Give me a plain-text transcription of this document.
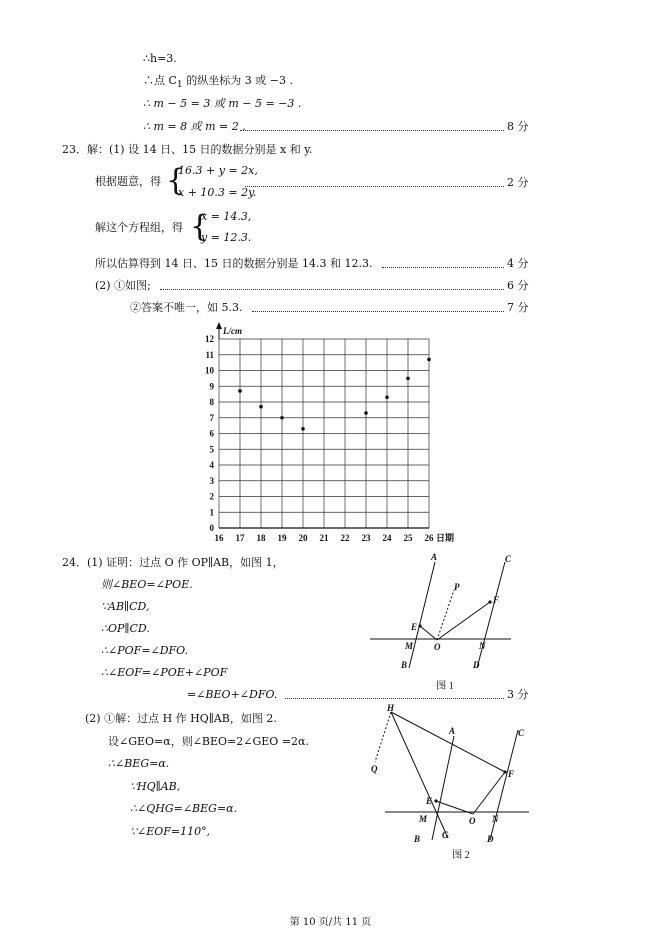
∴h=3.
∴点 $C_1$ 的纵坐标为 3 或 −3 .
∴ m − 5 = 3 或 m − 5 = −3 .
∴ m = 8 或 m = 2 .	8 分
23．解：(1) 设 14 日、15 日的数据分别是 x 和 y.
根据题意，得 {
16.3 + y = 2x,
x + 10.3 = 2y.
2 分
解这个方程组，得 {
x = 14.3,
y = 12.3.
所以估算得到 14 日、15 日的数据分别是 14.3 和 12.3.	4 分
(2) ①如图;	6 分
②答案不唯一，如 5.3.	7 分
16 17 18 19 20 21 22 23 24 25 26
0
1
2
3
4
5
6
7
8
9
10
11
12
L/cm
日期
24．(1) 证明：过点 O 作 OP∥AB，如图 1，
则∠BEO=∠POE.
∵AB∥CD,
∴OP∥CD.
∴∠POF=∠DFO.
∴∠EOF=∠POE+∠POF
=∠BEO+∠DFO.	3 分
(2) ①解：过点 H 作 HQ∥AB，如图 2.
设∠GEO=α，则∠BEO=2∠GEO =2α.
∴∠BEG=α.
∵HQ∥AB,
∴∠QHG=∠BEG=α.
∵∠EOF=110°,
A
B
C
D
E
F
M	N
O
P
图 1
H
Q
A
B
C
D
E
F
G
M	N
O
图 2
第 10 页/共 11 页
